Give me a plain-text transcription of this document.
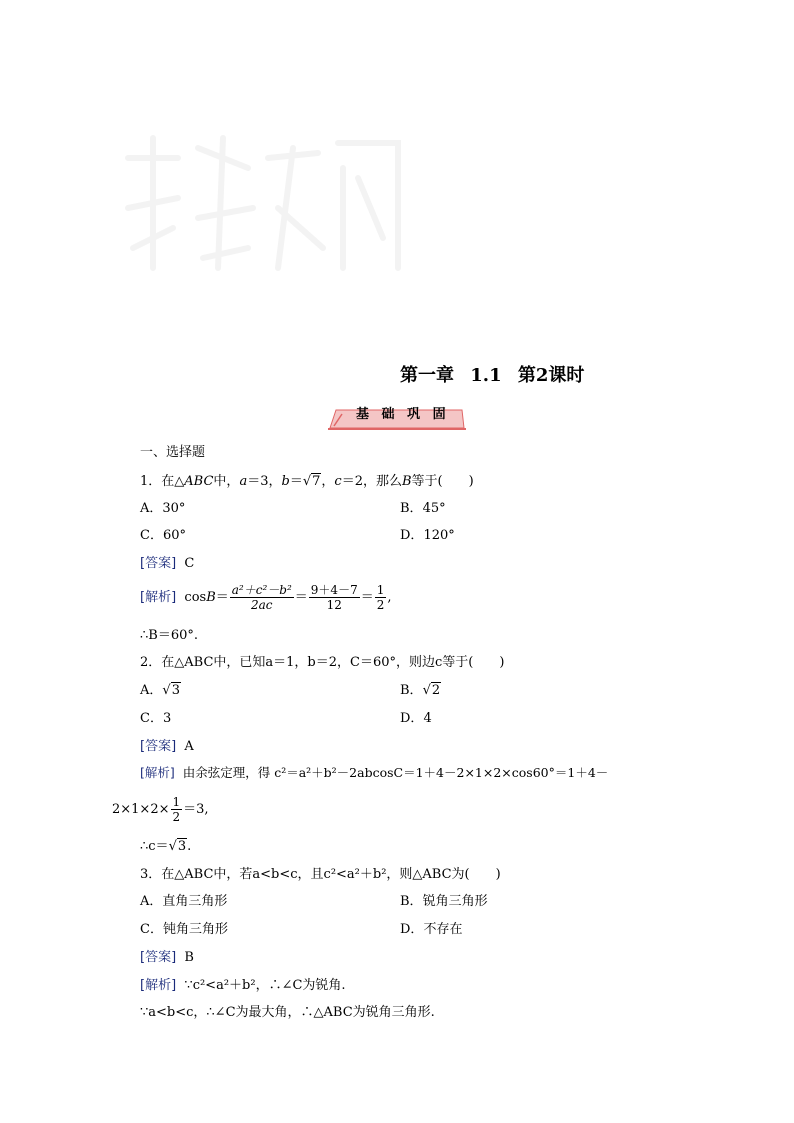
第一章 1.1 第2课时
基 础 巩 固
一、选择题
1．在△ABC中，a＝3，b＝√7，c＝2，那么B等于(　　)
A．30°	B．45°
C．60°	D．120°
[答案] C
[解析] $\cos B= \frac{\text{a²＋c²－b²}}{2ac} = \frac{9+4-7}{12} = \frac{1}{2}$ ,
∴B＝60°.
2．在△ABC中，已知a＝1，b＝2，C＝60°，则边c等于(　　)
A．√3	B．√2
C．3	D．4
[答案] A
[解析] 由余弦定理，得 c²＝a²＋b²－2abcosC＝1＋4－2×1×2×cos60°＝1＋4－
$2\times 1\times 2\times \frac{1}{2} =3$,
∴c＝√3.
3．在△ABC中，若a<b<c，且c²<a²＋b²，则△ABC为(　　)
A．直角三角形	B．锐角三角形
C．钝角三角形	D．不存在
[答案] B
[解析] ∵c²<a²＋b²，∴∠C为锐角.
∵a<b<c，∴∠C为最大角，∴△ABC为锐角三角形.
